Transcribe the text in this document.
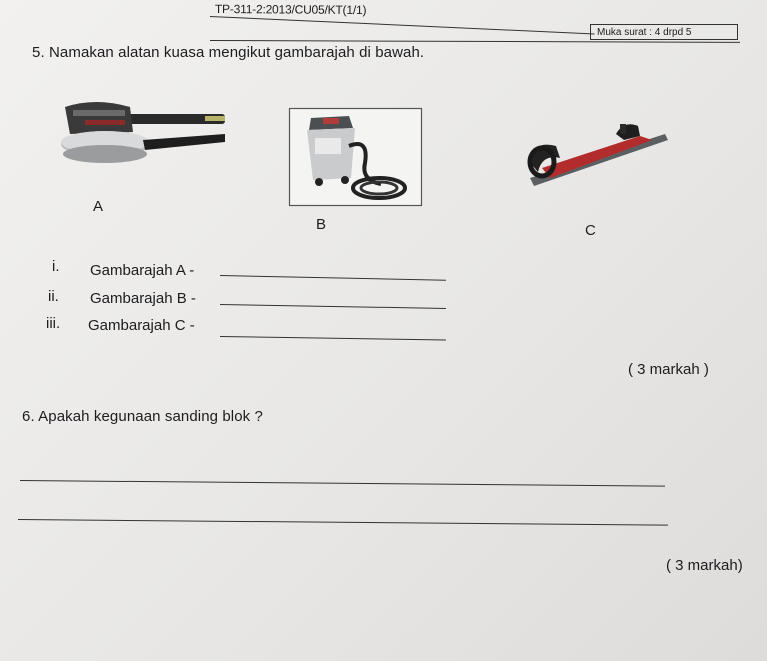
TP-311-2:2013/CU05/KT(1/1)
Muka surat : 4 drpd 5
5. Namakan alatan kuasa mengikut gambarajah di bawah.
A
B	C
i. Gambarajah A -
ii. Gambarajah B -
iii. Gambarajah C -
( 3 markah )
6. Apakah kegunaan sanding blok ?
( 3 markah)
